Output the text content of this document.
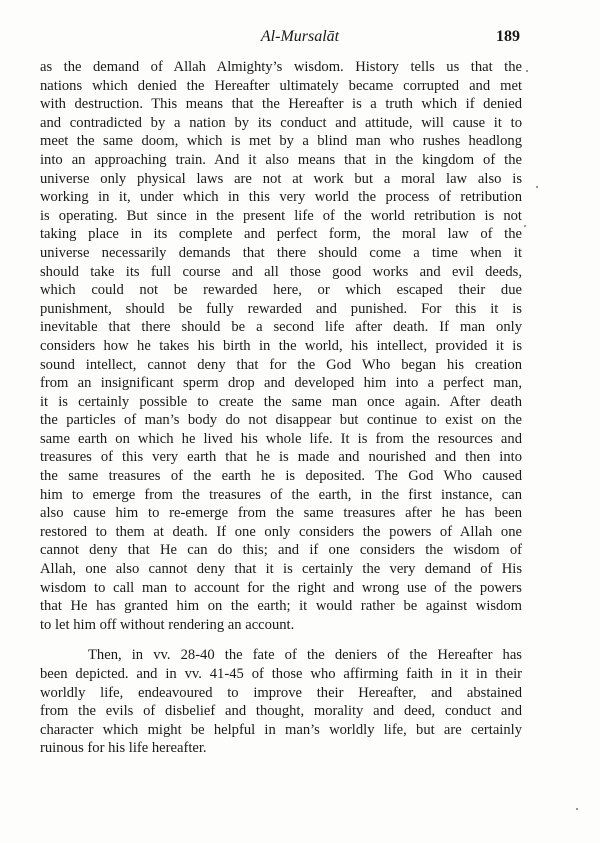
Al-Mursalāt	189
as the demand of Allah Almighty’s wisdom. History tells us that the
nations which denied the Hereafter ultimately became corrupted and met
with destruction. This means that the Hereafter is a truth which if denied
and contradicted by a nation by its conduct and attitude, will cause it to
meet the same doom, which is met by a blind man who rushes headlong
into an approaching train. And it also means that in the kingdom of the
universe only physical laws are not at work but a moral law also is
working in it, under which in this very world the process of retribution
is operating. But since in the present life of the world retribution is not
taking place in its complete and perfect form, the moral law of the
universe necessarily demands that there should come a time when it
should take its full course and all those good works and evil deeds,
which could not be rewarded here, or which escaped their due
punishment, should be fully rewarded and punished. For this it is
inevitable that there should be a second life after death. If man only
considers how he takes his birth in the world, his intellect, provided it is
sound intellect, cannot deny that for the God Who began his creation
from an insignificant sperm drop and developed him into a perfect man,
it is certainly possible to create the same man once again. After death
the particles of man’s body do not disappear but continue to exist on the
same earth on which he lived his whole life. It is from the resources and
treasures of this very earth that he is made and nourished and then into
the same treasures of the earth he is deposited. The God Who caused
him to emerge from the treasures of the earth, in the first instance, can
also cause him to re-emerge from the same treasures after he has been
restored to them at death. If one only considers the powers of Allah one
cannot deny that He can do this; and if one considers the wisdom of
Allah, one also cannot deny that it is certainly the very demand of His
wisdom to call man to account for the right and wrong use of the powers
that He has granted him on the earth; it would rather be against wisdom
to let him off without rendering an account.
Then, in vv. 28-40 the fate of the deniers of the Hereafter has
been depicted. and in vv. 41-45 of those who affirming faith in it in their
worldly life, endeavoured to improve their Hereafter, and abstained
from the evils of disbelief and thought, morality and deed, conduct and
character which might be helpful in man’s worldly life, but are certainly
ruinous for his life hereafter.
